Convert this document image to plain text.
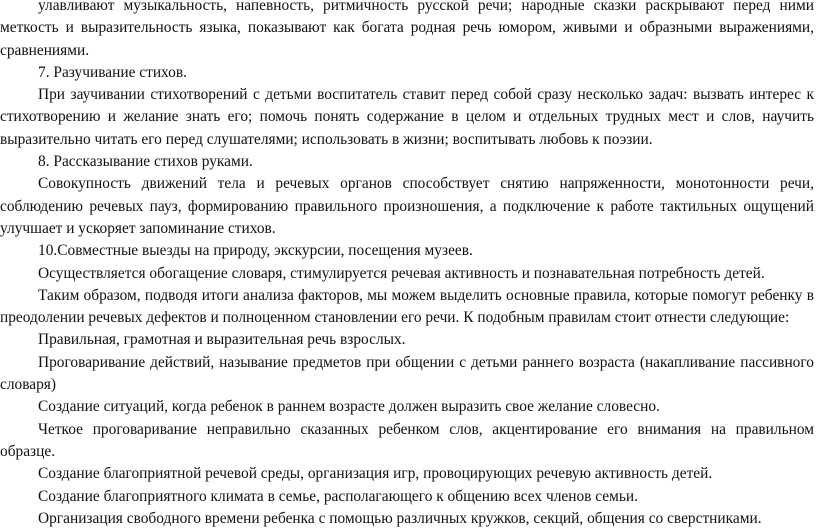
улавливают музыкальность, напевность, ритмичность русской речи; народные сказки раскрывают перед ними меткость и выразительность языка, показывают как богата родная речь юмором, живыми и образными выражениями, сравнениями.

7. Разучивание стихов.

При заучивании стихотворений с детьми воспитатель ставит перед собой сразу несколько задач: вызвать интерес к стихотворению и желание знать его; помочь понять содержание в целом и отдельных трудных мест и слов, научить выразительно читать его перед слушателями; использовать в жизни; воспитывать любовь к поэзии.

8. Рассказывание стихов руками.

Совокупность движений тела и речевых органов способствует снятию напряженности, монотонности речи, соблюдению речевых пауз, формированию правильного произношения, а подключение к работе тактильных ощущений улучшает и ускоряет запоминание стихов.

10.Совместные выезды на природу, экскурсии, посещения музеев.

Осуществляется обогащение словаря, стимулируется речевая активность и познавательная потребность детей.

Таким образом, подводя итоги анализа факторов, мы можем выделить основные правила, которые помогут ребенку в преодолении речевых дефектов и полноценном становлении его речи. К подобным правилам стоит отнести следующие:

Правильная, грамотная и выразительная речь взрослых.

Проговаривание действий, называние предметов при общении с детьми раннего возраста (накапливание пассивного словаря)

Создание ситуаций, когда ребенок в раннем возрасте должен выразить свое желание словесно.

Четкое проговаривание неправильно сказанных ребенком слов, акцентирование его внимания на правильном образце.

Создание благоприятной речевой среды, организация игр, провоцирующих речевую активность детей.

Создание благоприятного климата в семье, располагающего к общению всех членов семьи.

Организация свободного времени ребенка с помощью различных кружков, секций, общения со сверстниками.
